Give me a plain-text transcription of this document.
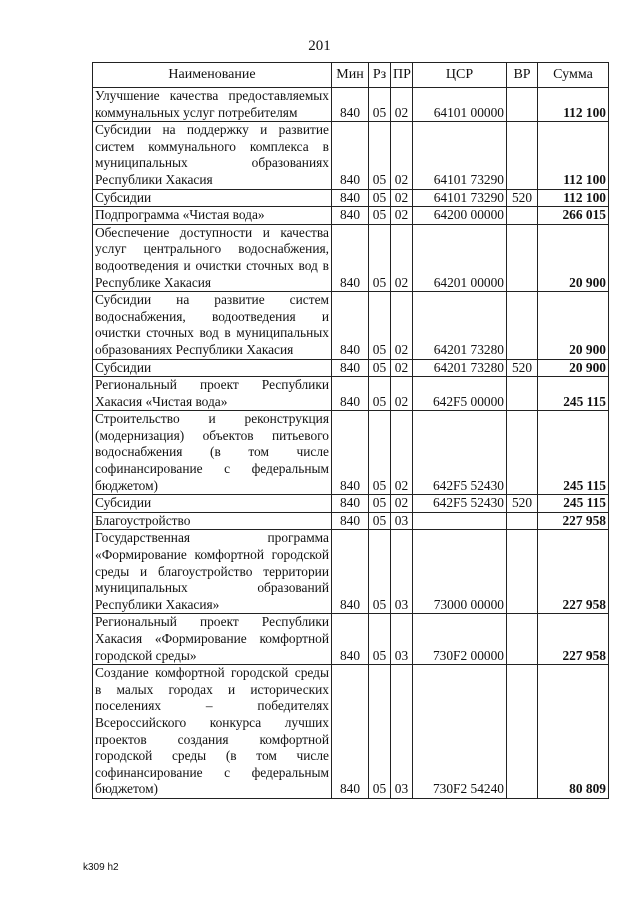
201
Наименование	Мин	Рз	ПР	ЦСР	ВР	Сумма
Улучшение качества предоставляемых коммунальных услуг потребителям	840	05	02	64101 00000		112 100
Субсидии на поддержку и развитие систем коммунального комплекса в муниципальных образованиях Республики Хакасия	840	05	02	64101 73290		112 100
Субсидии	840	05	02	64101 73290	520	112 100
Подпрограмма «Чистая вода»	840	05	02	64200 00000		266 015
Обеспечение доступности и качества услуг центрального водоснабжения, водоотведения и очистки сточных вод в Республике Хакасия	840	05	02	64201 00000		20 900
Субсидии на развитие систем водоснабжения, водоотведения и очистки сточных вод в муниципальных образованиях Республики Хакасия	840	05	02	64201 73280		20 900
Субсидии	840	05	02	64201 73280	520	20 900
Региональный проект Республики Хакасия «Чистая вода»	840	05	02	642F5 00000		245 115
Строительство и реконструкция (модернизация) объектов питьевого водоснабжения (в том числе софинансирование с федеральным бюджетом)	840	05	02	642F5 52430		245 115
Субсидии	840	05	02	642F5 52430	520	245 115
Благоустройство	840	05	03			227 958
Государственная программа «Формирование комфортной городской среды и благоустройство территории муниципальных образований Республики Хакасия»	840	05	03	73000 00000		227 958
Региональный проект Республики Хакасия «Формирование комфортной городской среды»	840	05	03	730F2 00000		227 958
Создание комфортной городской среды в малых городах и исторических поселениях – победителях Всероссийского конкурса лучших проектов создания комфортной городской среды (в том числе софинансирование с федеральным бюджетом)	840	05	03	730F2 54240		80 809
k309 h2
